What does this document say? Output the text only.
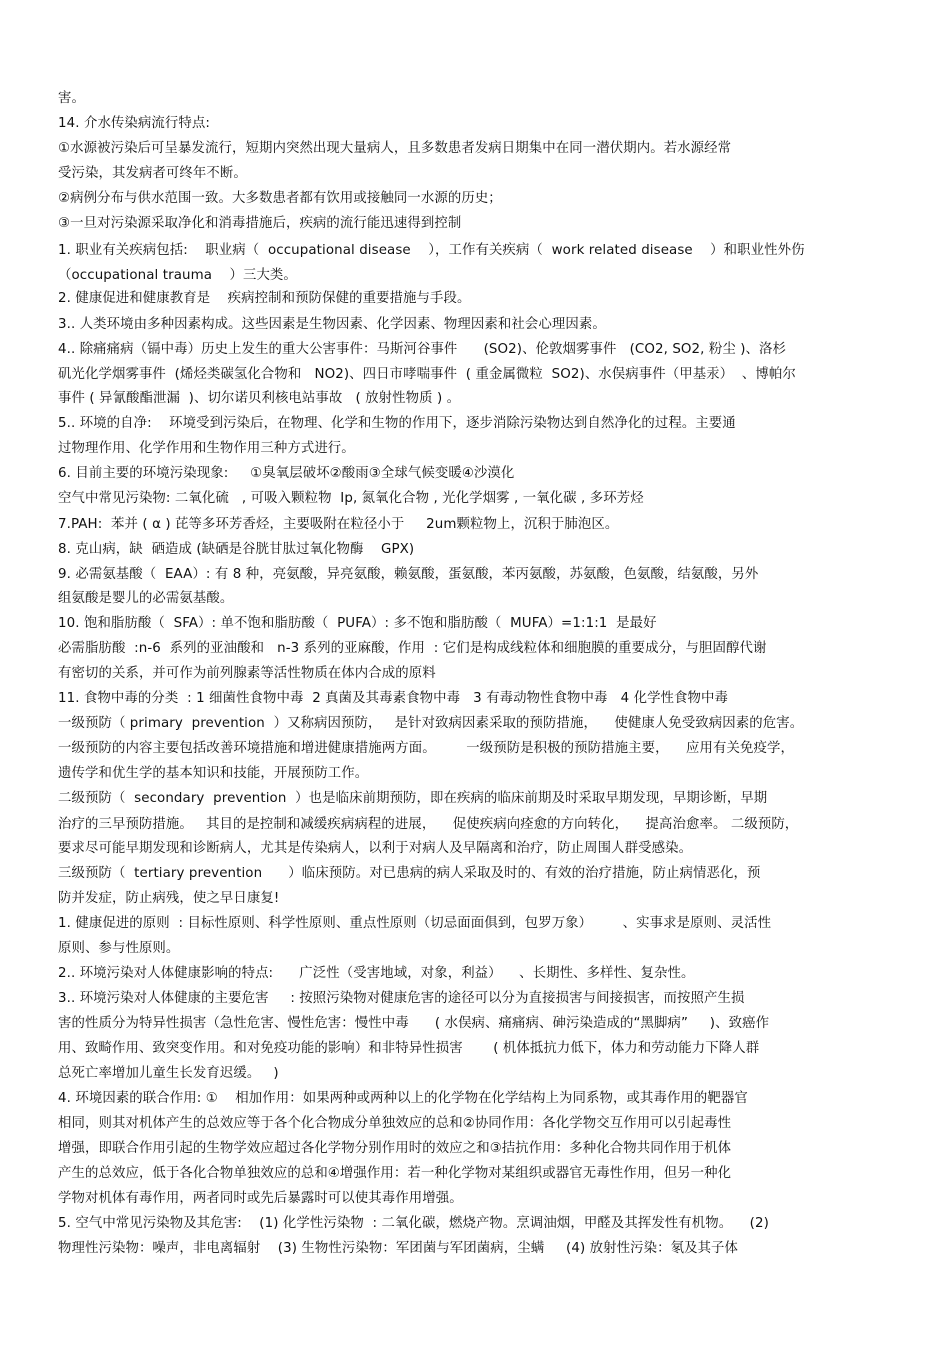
害。
14. 介水传染病流行特点:
①水源被污染后可呈暴发流行，短期内突然出现大量病人，且多数患者发病日期集中在同一潜伏期内。若水源经常
受污染，其发病者可终年不断。
②病例分布与供水范围一致。大多数患者都有饮用或接触同一水源的历史；
③一旦对污染源采取净化和消毒措施后，疾病的流行能迅速得到控制
1. 职业有关疾病包括:    职业病（  occupational disease    ），工作有关疾病（  work related disease    ）和职业性外伤
（occupational trauma    ）三大类。
2. 健康促进和健康教育是    疾病控制和预防保健的重要措施与手段。
3.. 人类环境由多种因素构成。这些因素是生物因素、化学因素、物理因素和社会心理因素。
4.. 除痛痛病（镉中毒）历史上发生的重大公害事件：马斯河谷事件      (SO2)、伦敦烟雾事件   (CO2, SO2, 粉尘 )、洛杉
矶光化学烟雾事件  (烯烃类碳氢化合物和   NO2)、四日市哮喘事件  ( 重金属微粒  SO2)、水俣病事件（甲基汞）  、博帕尔
事件 ( 异氰酸酯泄漏  )、切尔诺贝利核电站事故   ( 放射性物质 ) 。
5.. 环境的自净:    环境受到污染后，在物理、化学和生物的作用下，逐步消除污染物达到自然净化的过程。主要通
过物理作用、化学作用和生物作用三种方式进行。
6. 目前主要的环境污染现象:     ①臭氧层破坏②酸雨③全球气候变暖④沙漠化
空气中常见污染物: 二氧化硫   , 可吸入颗粒物  Ip, 氮氧化合物 , 光化学烟雾 , 一氧化碳 , 多环芳烃
7.PAH:  苯并 ( α ) 芘等多环芳香烃，主要吸附在粒径小于     2um颗粒物上，沉积于肺泡区。
8. 克山病，缺  硒造成 (缺硒是谷胱甘肽过氧化物酶    GPX)
9. 必需氨基酸（  EAA）: 有 8 种，亮氨酸，异亮氨酸，赖氨酸，蛋氨酸，苯丙氨酸，苏氨酸，色氨酸，结氨酸，另外
组氨酸是婴儿的必需氨基酸。
10. 饱和脂肪酸（  SFA）: 单不饱和脂肪酸（  PUFA）: 多不饱和脂肪酸（  MUFA）=1:1:1  是最好
必需脂肪酸  :n-6  系列的亚油酸和   n-3 系列的亚麻酸，作用  : 它们是构成线粒体和细胞膜的重要成分，与胆固醇代谢
有密切的关系，并可作为前列腺素等活性物质在体内合成的原料
11. 食物中毒的分类  : 1 细菌性食物中毒  2 真菌及其毒素食物中毒   3 有毒动物性食物中毒   4 化学性食物中毒
一级预防（ primary  prevention  ）又称病因预防，   是针对致病因素采取的预防措施，    使健康人免受致病因素的危害。
一级预防的内容主要包括改善环境措施和增进健康措施两方面。       一级预防是积极的预防措施主要，    应用有关免疫学，
遗传学和优生学的基本知识和技能，开展预防工作。
二级预防（  secondary  prevention  ）也是临床前期预防，即在疾病的临床前期及时采取早期发现，早期诊断，早期
治疗的三早预防措施。   其目的是控制和减缓疾病病程的进展，    促使疾病向痊愈的方向转化，    提高治愈率。 二级预防，
要求尽可能早期发现和诊断病人，尤其是传染病人，以利于对病人及早隔离和治疗，防止周围人群受感染。
三级预防（  tertiary prevention      ）临床预防。对已患病的病人采取及时的、有效的治疗措施，防止病情恶化，预
防并发症，防止病残，使之早日康复!
1. 健康促进的原则  : 目标性原则、科学性原则、重点性原则（切忌面面俱到，包罗万象）       、实事求是原则、灵活性
原则、参与性原则。
2.. 环境污染对人体健康影响的特点:      广泛性（受害地域，对象，利益）    、长期性、多样性、复杂性。
3.. 环境污染对人体健康的主要危害     : 按照污染物对健康危害的途径可以分为直接损害与间接损害，而按照产生损
害的性质分为特异性损害（急性危害、慢性危害：慢性中毒      ( 水俣病、痛痛病、砷污染造成的“黑脚病”     )、致癌作
用、致畸作用、致突变作用。和对免疫功能的影响）和非特异性损害       ( 机体抵抗力低下，体力和劳动能力下降人群
总死亡率增加儿童生长发育迟缓。   )
4. 环境因素的联合作用: ①    相加作用：如果两种或两种以上的化学物在化学结构上为同系物，或其毒作用的靶器官
相同，则其对机体产生的总效应等于各个化合物成分单独效应的总和②协同作用：各化学物交互作用可以引起毒性
增强，即联合作用引起的生物学效应超过各化学物分别作用时的效应之和③拮抗作用：多种化合物共同作用于机体
产生的总效应，低于各化合物单独效应的总和④增强作用：若一种化学物对某组织或器官无毒性作用，但另一种化
学物对机体有毒作用，两者同时或先后暴露时可以使其毒作用增强。
5. 空气中常见污染物及其危害:    (1) 化学性污染物  : 二氧化碳，燃烧产物。烹调油烟，甲醛及其挥发性有机物。    (2)
物理性污染物：噪声，非电离辐射    (3) 生物性污染物：军团菌与军团菌病，尘螨     (4) 放射性污染：氡及其子体
